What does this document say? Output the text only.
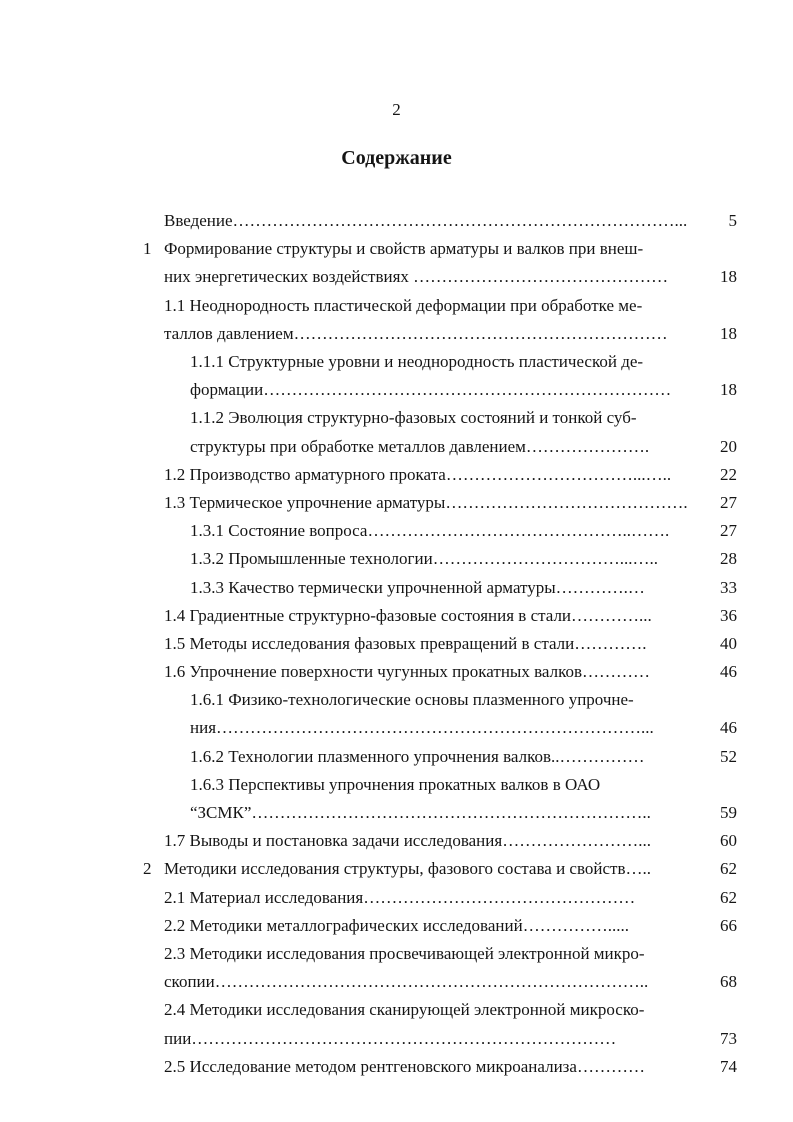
2
Содержание
Введение……………………………………………………………………... 5
1 Формирование структуры и свойств арматуры и валков при внеш-
них энергетических воздействиях ………………………………………	18
1.1 Неоднородность пластической деформации при обработке ме-
таллов давлением…………………………………………………………	18
1.1.1 Структурные уровни и неоднородность пластической де-
формации………………………………………………………………	18
1.1.2 Эволюция структурно-фазовых состояний и тонкой суб-
структуры при обработке металлов давлением………………….	20
1.2 Производство арматурного проката……………………………...…..	22
1.3 Термическое упрочнение арматуры……………………………………. 27
1.3.1 Состояние вопроса………………………………………..…….	27
1.3.2 Промышленные технологии……………………………...…..	28
1.3.3 Качество термически упрочненной арматуры………….…	33
1.4 Градиентные структурно-фазовые состояния в стали…………...	36
1.5 Методы исследования фазовых превращений в стали………….	40
1.6 Упрочнение поверхности чугунных прокатных валков…………	46
1.6.1 Физико-технологические основы плазменного упрочне-
ния…………………………………………………………………...	46
1.6.2 Технологии плазменного упрочнения валков..……………	52
1.6.3 Перспективы упрочнения прокатных валков в ОАО
“ЗСМК”……………………………………………………………..	59
1.7 Выводы и постановка задачи исследования……………………...	60
2 Методики исследования структуры, фазового состава и свойств…..	62
2.1 Материал исследования…………………………………………	62
2.2 Методики металлографических исследований…………….....	66
2.3 Методики исследования просвечивающей электронной микро-
скопии…………………………………………………………………..	68
2.4 Методики исследования сканирующей электронной микроско-
пии…………………………………………………………………	73
2.5 Исследование методом рентгеновского микроанализа…………	74
